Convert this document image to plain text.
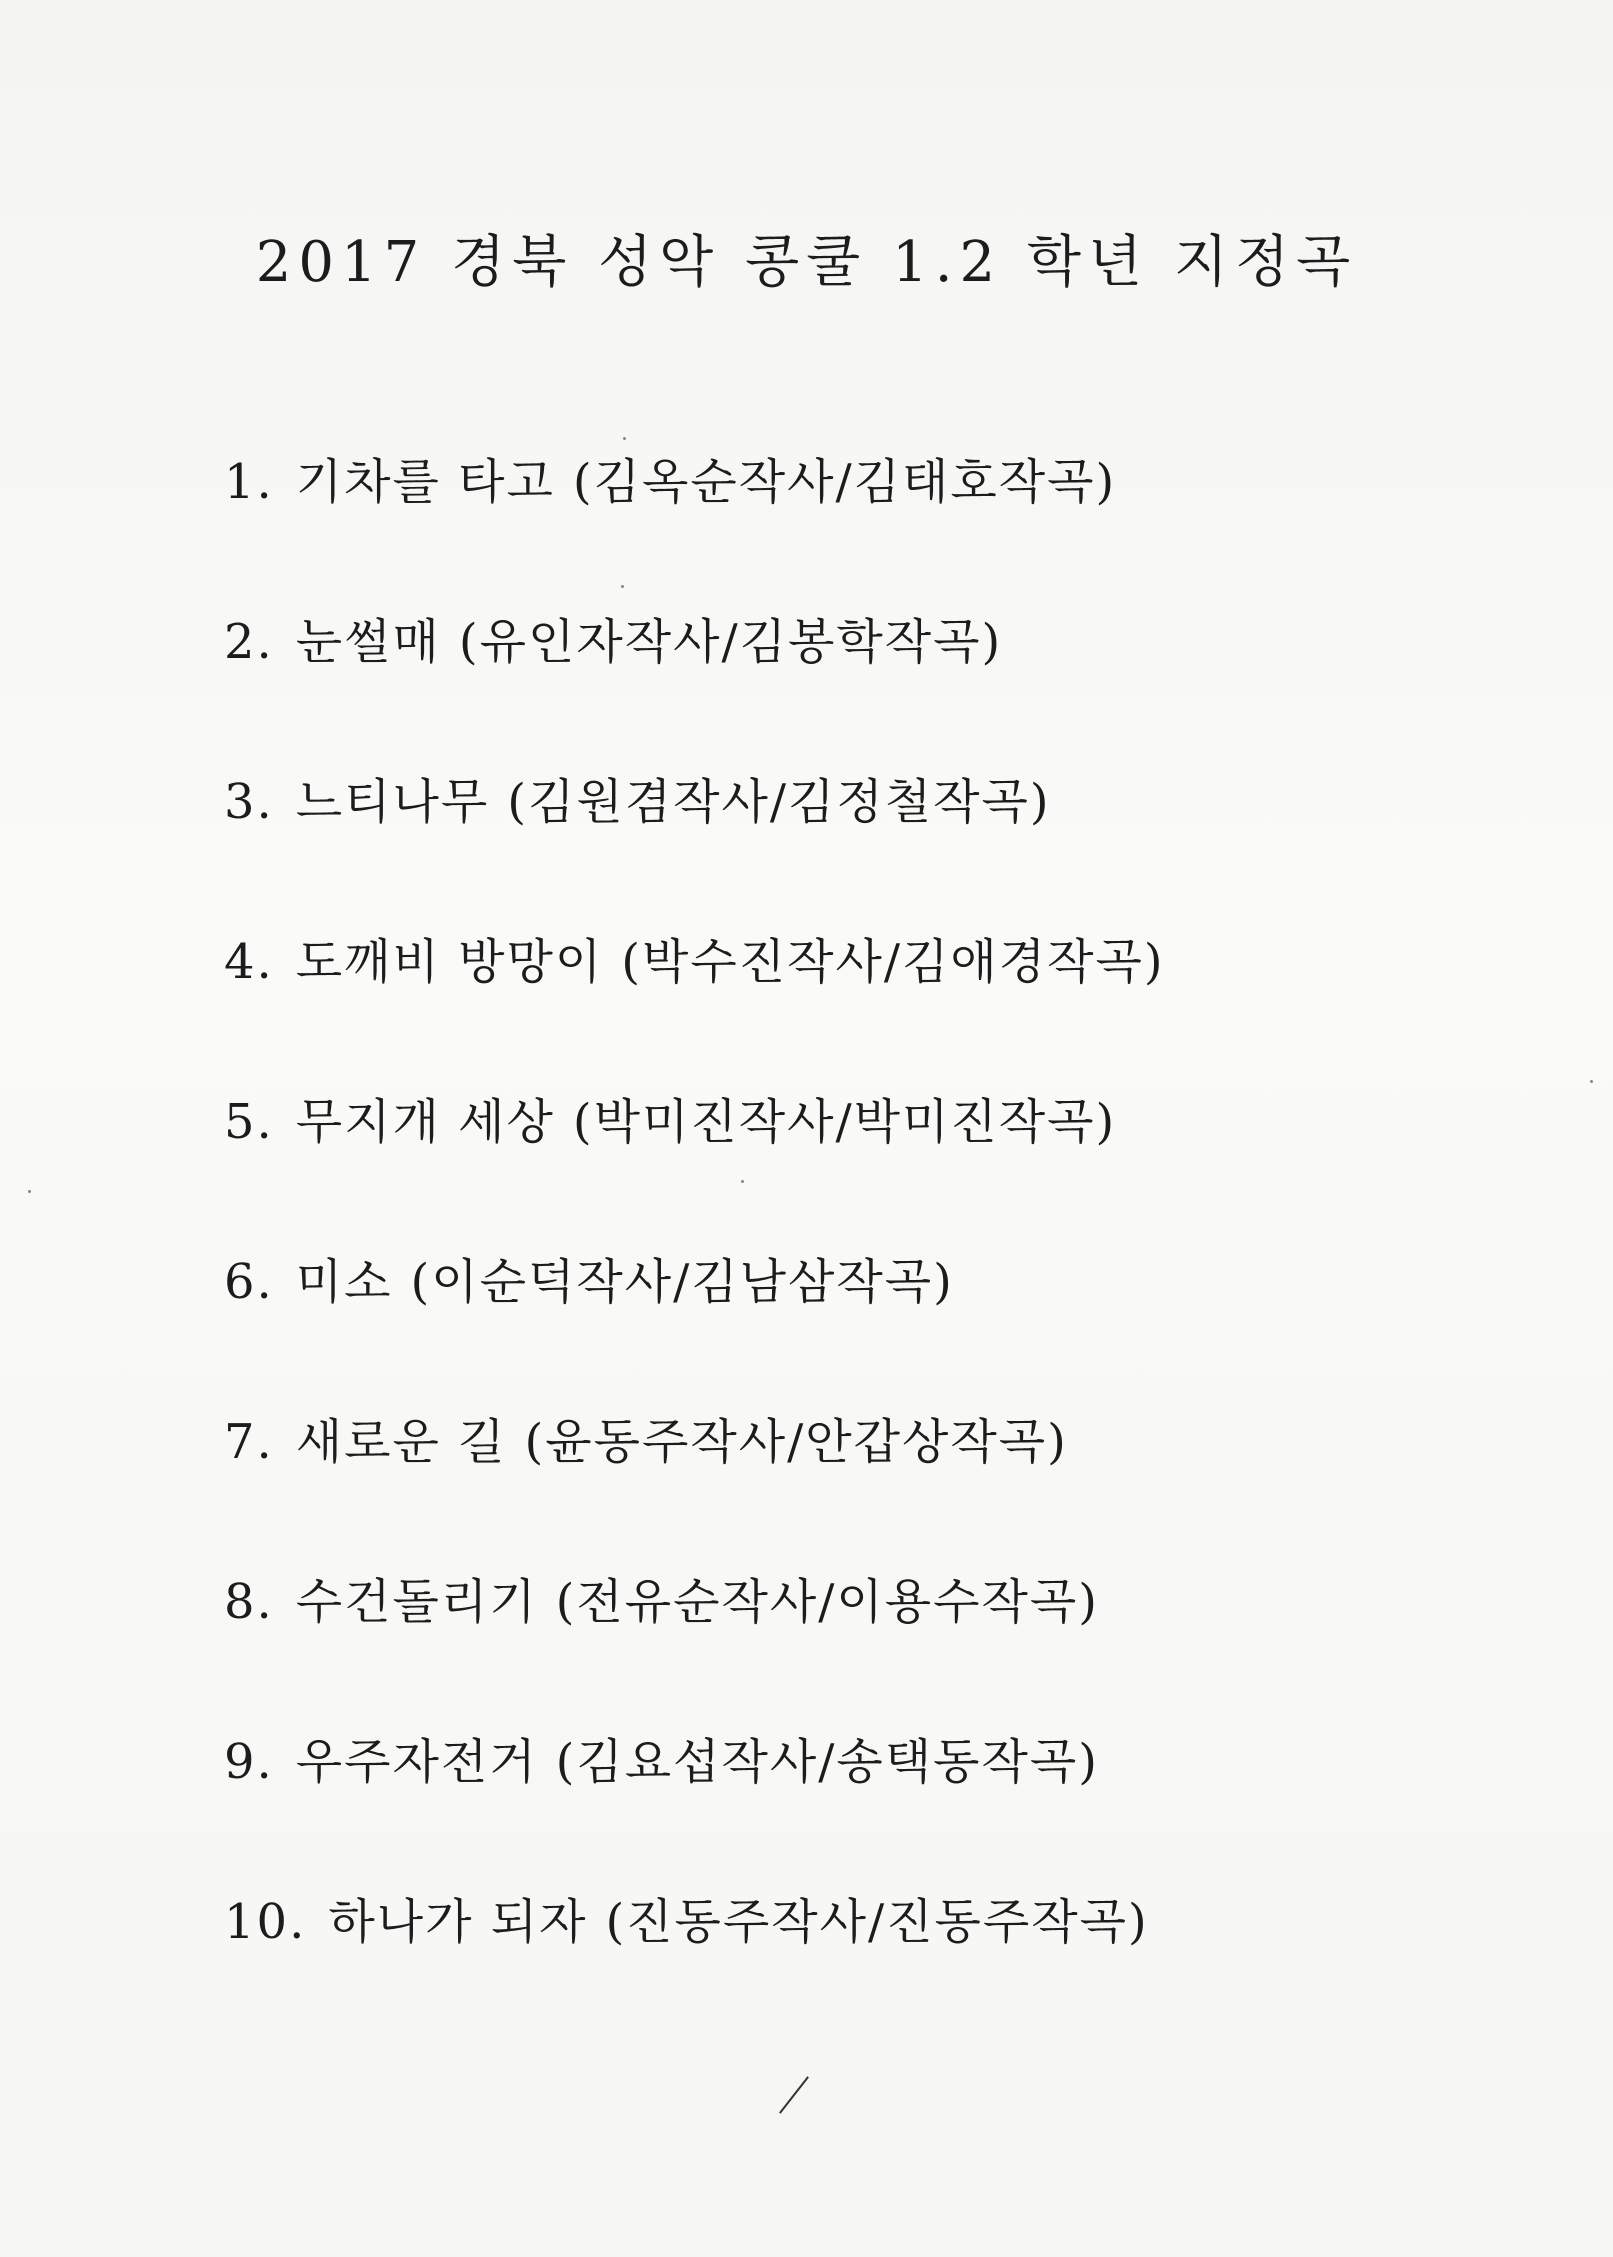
2017 경북 성악 콩쿨 1.2 학년 지정곡
1. 기차를 타고 (김옥순작사/김태호작곡)
2. 눈썰매 (유인자작사/김봉학작곡)
3. 느티나무 (김원겸작사/김정철작곡)
4. 도깨비 방망이 (박수진작사/김애경작곡)
5. 무지개 세상 (박미진작사/박미진작곡)
6. 미소 (이순덕작사/김남삼작곡)
7. 새로운 길 (윤동주작사/안갑상작곡)
8. 수건돌리기 (전유순작사/이용수작곡)
9. 우주자전거 (김요섭작사/송택동작곡)
10. 하나가 되자 (진동주작사/진동주작곡)
